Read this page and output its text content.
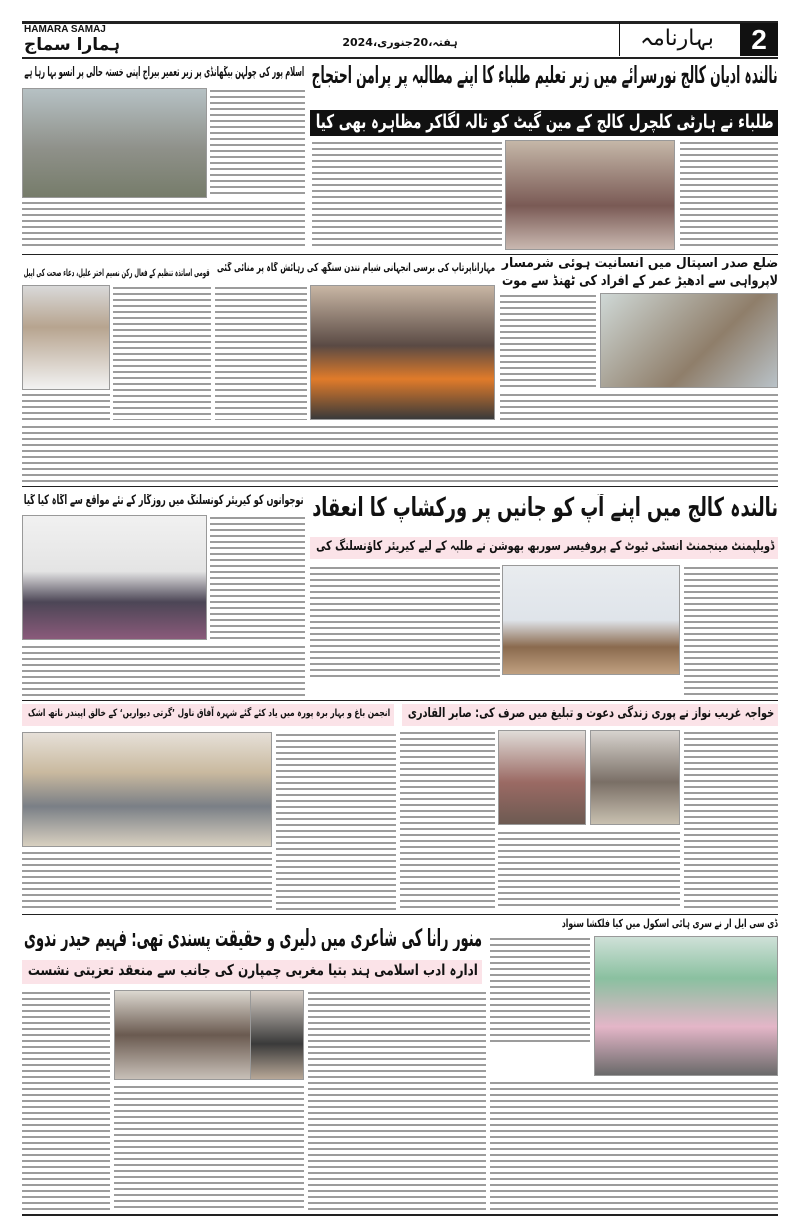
HAMARA SAMAJ
ہمارا سماج	ہفتہ،20جنوری،2024	بہارنامہ	2
نالندہ ادیان کالج نورسرائے میں زیر تعلیم طلباء کا اپنے مطالبہ پر پرامن احتجاج
طلباء نے ہارٹی کلچرل کالج کے مین گیٹ کو تالہ لگاکر مظاہرہ بھی کیا
اسلام پور کی چولہن بیگھانڈی پر زیر تعمیر بیراج اپنی خستہ حالی پر آنسو بہا رہا ہے
ضلع صدر اسپتال میں انسانیت ہوئی شرمسار
لاپرواہی سے ادھیڑ عمر کے افراد کی ٹھنڈ سے موت
مہاراناپرتاپ کی برسی آنجہانی شیام نندن سنگھ کی رہائش گاہ پر منائی گئی
قومی اساتذہ تنظیم کے فعال رکن نسیم اختر علیل، دعاء صحت کی اپیل
نالندہ کالج میں اپنے آپ کو جانیں پر ورکشاپ کا انعقاد
ڈویلپمنٹ مینجمنٹ انسٹی ٹیوٹ کے پروفیسر سوربھ بھوشن نے طلبہ کے لیے کیریئر کاؤنسلنگ کی
نوجوانوں کو کیریئر کونسلنگ میں روزگار کے نئے مواقع سے آگاہ کیا گیا
خواجہ غریب نواز نے پوری زندگی دعوت و تبلیغ میں صرف کی: صابر القادری
انجمن باغ و بہار برہ پورہ میں یاد کئے گئے شہرہ آفاق ناول ’گرتی دیواریں‘ کے خالق اپیندر ناتھ اشک
ڈی سی ایل آر نے سری ہائی اسکول میں کیا فلکشا سنواد
منور رانا کی شاعری میں دلیری و حقیقت پسندی تھی: فہیم حیدر ندوی
ادارہ ادب اسلامی ہند بتیا مغربی چمپارن کی جانب سے منعقد تعزیتی نشست
